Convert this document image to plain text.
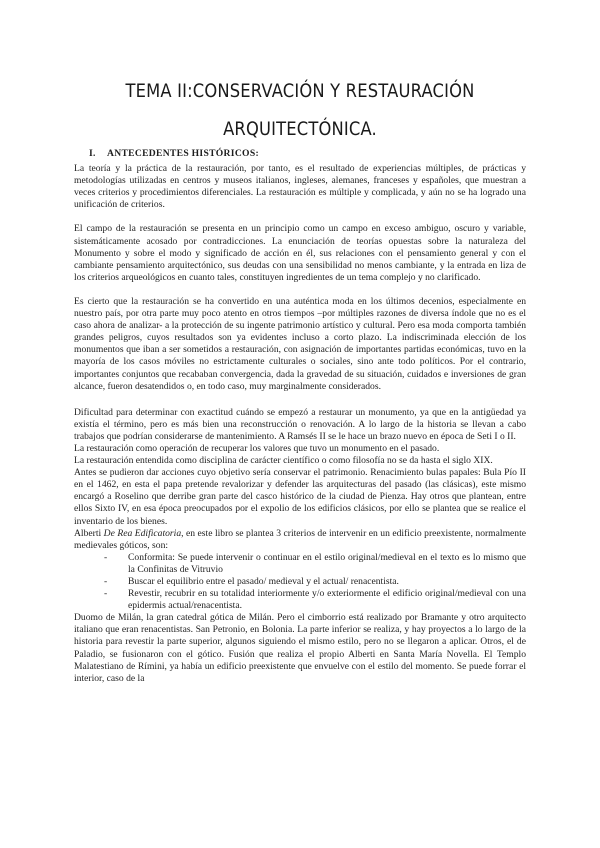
TEMA II:CONSERVACIÓN Y RESTAURACIÓN
ARQUITECTÓNICA.
I. ANTECEDENTES HISTÓRICOS:

La teoría y la práctica de la restauración, por tanto, es el resultado de experiencias múltiples, de prácticas y metodologías utilizadas en centros y museos italianos, ingleses, alemanes, franceses y españoles, que muestran a veces criterios y procedimientos diferenciales. La restauración es múltiple y complicada, y aún no se ha logrado una unificación de criterios.

El campo de la restauración se presenta en un principio como un campo en exceso ambiguo, oscuro y variable, sistemáticamente acosado por contradicciones. La enunciación de teorías opuestas sobre la naturaleza del Monumento y sobre el modo y significado de acción en él, sus relaciones con el pensamiento general y con el cambiante pensamiento arquitectónico, sus deudas con una sensibilidad no menos cambiante, y la entrada en liza de los criterios arqueológicos en cuanto tales, constituyen ingredientes de un tema complejo y no clarificado.

Es cierto que la restauración se ha convertido en una auténtica moda en los últimos decenios, especialmente en nuestro país, por otra parte muy poco atento en otros tiempos –por múltiples razones de diversa índole que no es el caso ahora de analizar- a la protección de su ingente patrimonio artístico y cultural. Pero esa moda comporta también grandes peligros, cuyos resultados son ya evidentes incluso a corto plazo. La indiscriminada elección de los monumentos que iban a ser sometidos a restauración, con asignación de importantes partidas económicas, tuvo en la mayoría de los casos móviles no estrictamente culturales o sociales, sino ante todo políticos. Por el contrario, importantes conjuntos que recababan convergencia, dada la gravedad de su situación, cuidados e inversiones de gran alcance, fueron desatendidos o, en todo caso, muy marginalmente considerados.

Dificultad para determinar con exactitud cuándo se empezó a restaurar un monumento, ya que en la antigüedad ya existía el término, pero es más bien una reconstrucción o renovación. A lo largo de la historia se llevan a cabo trabajos que podrían considerarse de mantenimiento. A Ramsés II se le hace un brazo nuevo en época de Seti I o II.

La restauración como operación de recuperar los valores que tuvo un monumento en el pasado.

La restauración entendida como disciplina de carácter científico o como filosofía no se da hasta el siglo XIX.

Antes se pudieron dar acciones cuyo objetivo sería conservar el patrimonio. Renacimiento bulas papales: Bula Pío II en el 1462, en esta el papa pretende revalorizar y defender las arquitecturas del pasado (las clásicas), este mismo encargó a Roselino que derribe gran parte del casco histórico de la ciudad de Pienza. Hay otros que plantean, entre ellos Sixto IV, en esa época preocupados por el expolio de los edificios clásicos, por ello se plantea que se realice el inventario de los bienes.

Alberti De Rea Edificatoria, en este libro se plantea 3 criterios de intervenir en un edificio preexistente, normalmente medievales góticos, son:

- Conformita: Se puede intervenir o continuar en el estilo original/medieval en el texto es lo mismo que la Confinitas de Vitruvio
- Buscar el equilibrio entre el pasado/ medieval y el actual/ renacentista.
- Revestir, recubrir en su totalidad interiormente y/o exteriormente el edificio original/medieval con una epidermis actual/renacentista.

Duomo de Milán, la gran catedral gótica de Milán. Pero el cimborrio está realizado por Bramante y otro arquitecto italiano que eran renacentistas. San Petronio, en Bolonia. La parte inferior se realiza, y hay proyectos a lo largo de la historia para revestir la parte superior, algunos siguiendo el mismo estilo, pero no se llegaron a aplicar. Otros, el de Paladio, se fusionaron con el gótico. Fusión que realiza el propio Alberti en Santa María Novella. El Templo Malatestiano de Rímini, ya había un edificio preexistente que envuelve con el estilo del momento. Se puede forrar el interior, caso de la
